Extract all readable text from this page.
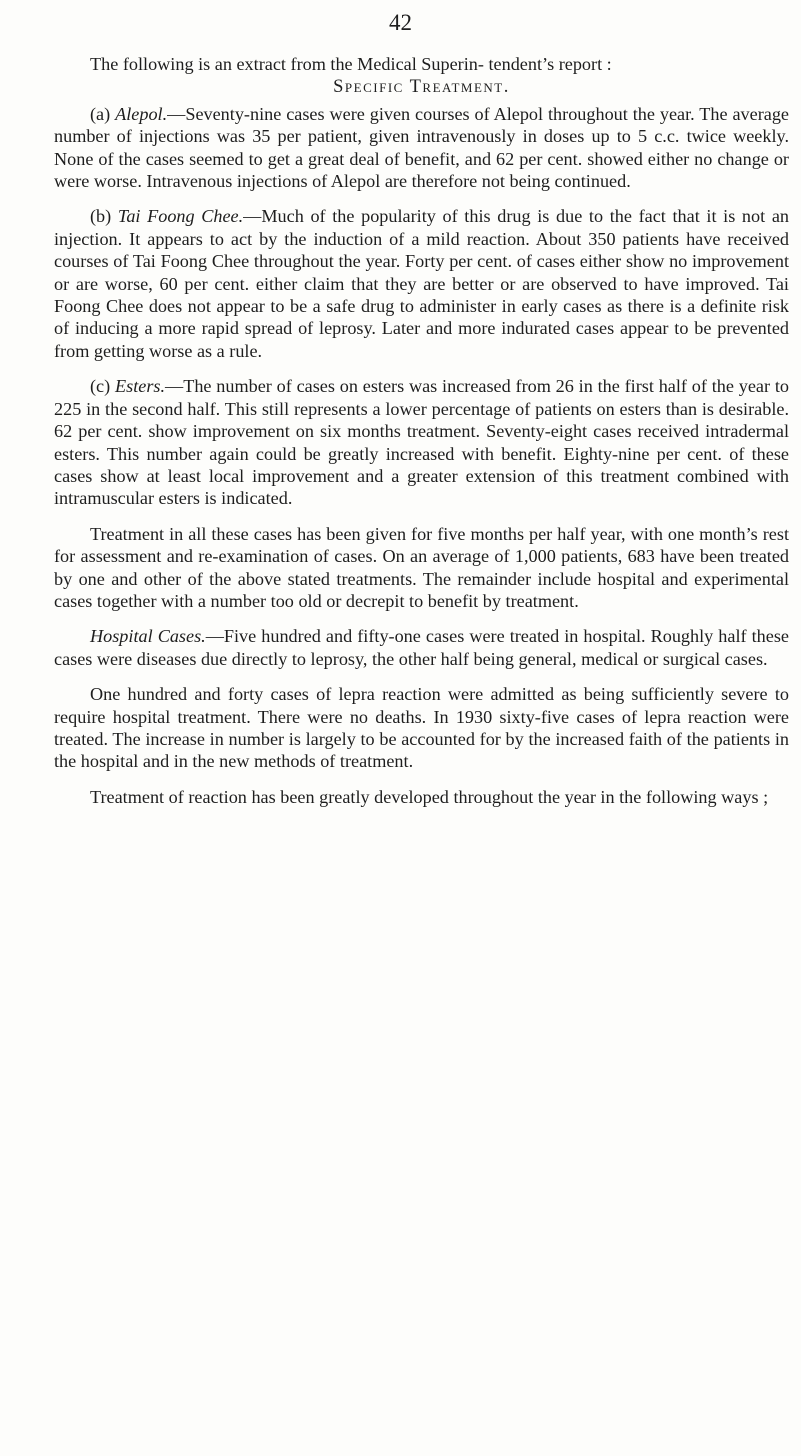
42

The following is an extract from the Medical Superin- tendent’s report :

Specific Treatment.

(a) Alepol.—Seventy-nine cases were given courses of Alepol throughout the year. The average number of injections was 35 per patient, given intravenously in doses up to 5 c.c. twice weekly. None of the cases seemed to get a great deal of benefit, and 62 per cent. showed either no change or were worse. Intravenous injections of Alepol are therefore not being continued.

(b) Tai Foong Chee.—Much of the popularity of this drug is due to the fact that it is not an injection. It appears to act by the induction of a mild reaction. About 350 patients have received courses of Tai Foong Chee throughout the year. Forty per cent. of cases either show no improvement or are worse, 60 per cent. either claim that they are better or are observed to have improved. Tai Foong Chee does not appear to be a safe drug to administer in early cases as there is a definite risk of inducing a more rapid spread of leprosy. Later and more indurated cases appear to be prevented from getting worse as a rule.

(c) Esters.—The number of cases on esters was increased from 26 in the first half of the year to 225 in the second half. This still represents a lower percentage of patients on esters than is desirable. 62 per cent. show improvement on six months treatment. Seventy-eight cases received intradermal esters. This number again could be greatly increased with benefit. Eighty-nine per cent. of these cases show at least local improvement and a greater extension of this treatment combined with intramuscular esters is indicated.

Treatment in all these cases has been given for five months per half year, with one month’s rest for assessment and re-examination of cases. On an average of 1,000 patients, 683 have been treated by one and other of the above stated treatments. The remainder include hospital and experimental cases together with a number too old or decrepit to benefit by treatment.

Hospital Cases.—Five hundred and fifty-one cases were treated in hospital. Roughly half these cases were diseases due directly to leprosy, the other half being general, medical or surgical cases.

One hundred and forty cases of lepra reaction were admitted as being sufficiently severe to require hospital treatment. There were no deaths. In 1930 sixty-five cases of lepra reaction were treated. The increase in number is largely to be accounted for by the increased faith of the patients in the hospital and in the new methods of treatment.

Treatment of reaction has been greatly developed throughout the year in the following ways ;
